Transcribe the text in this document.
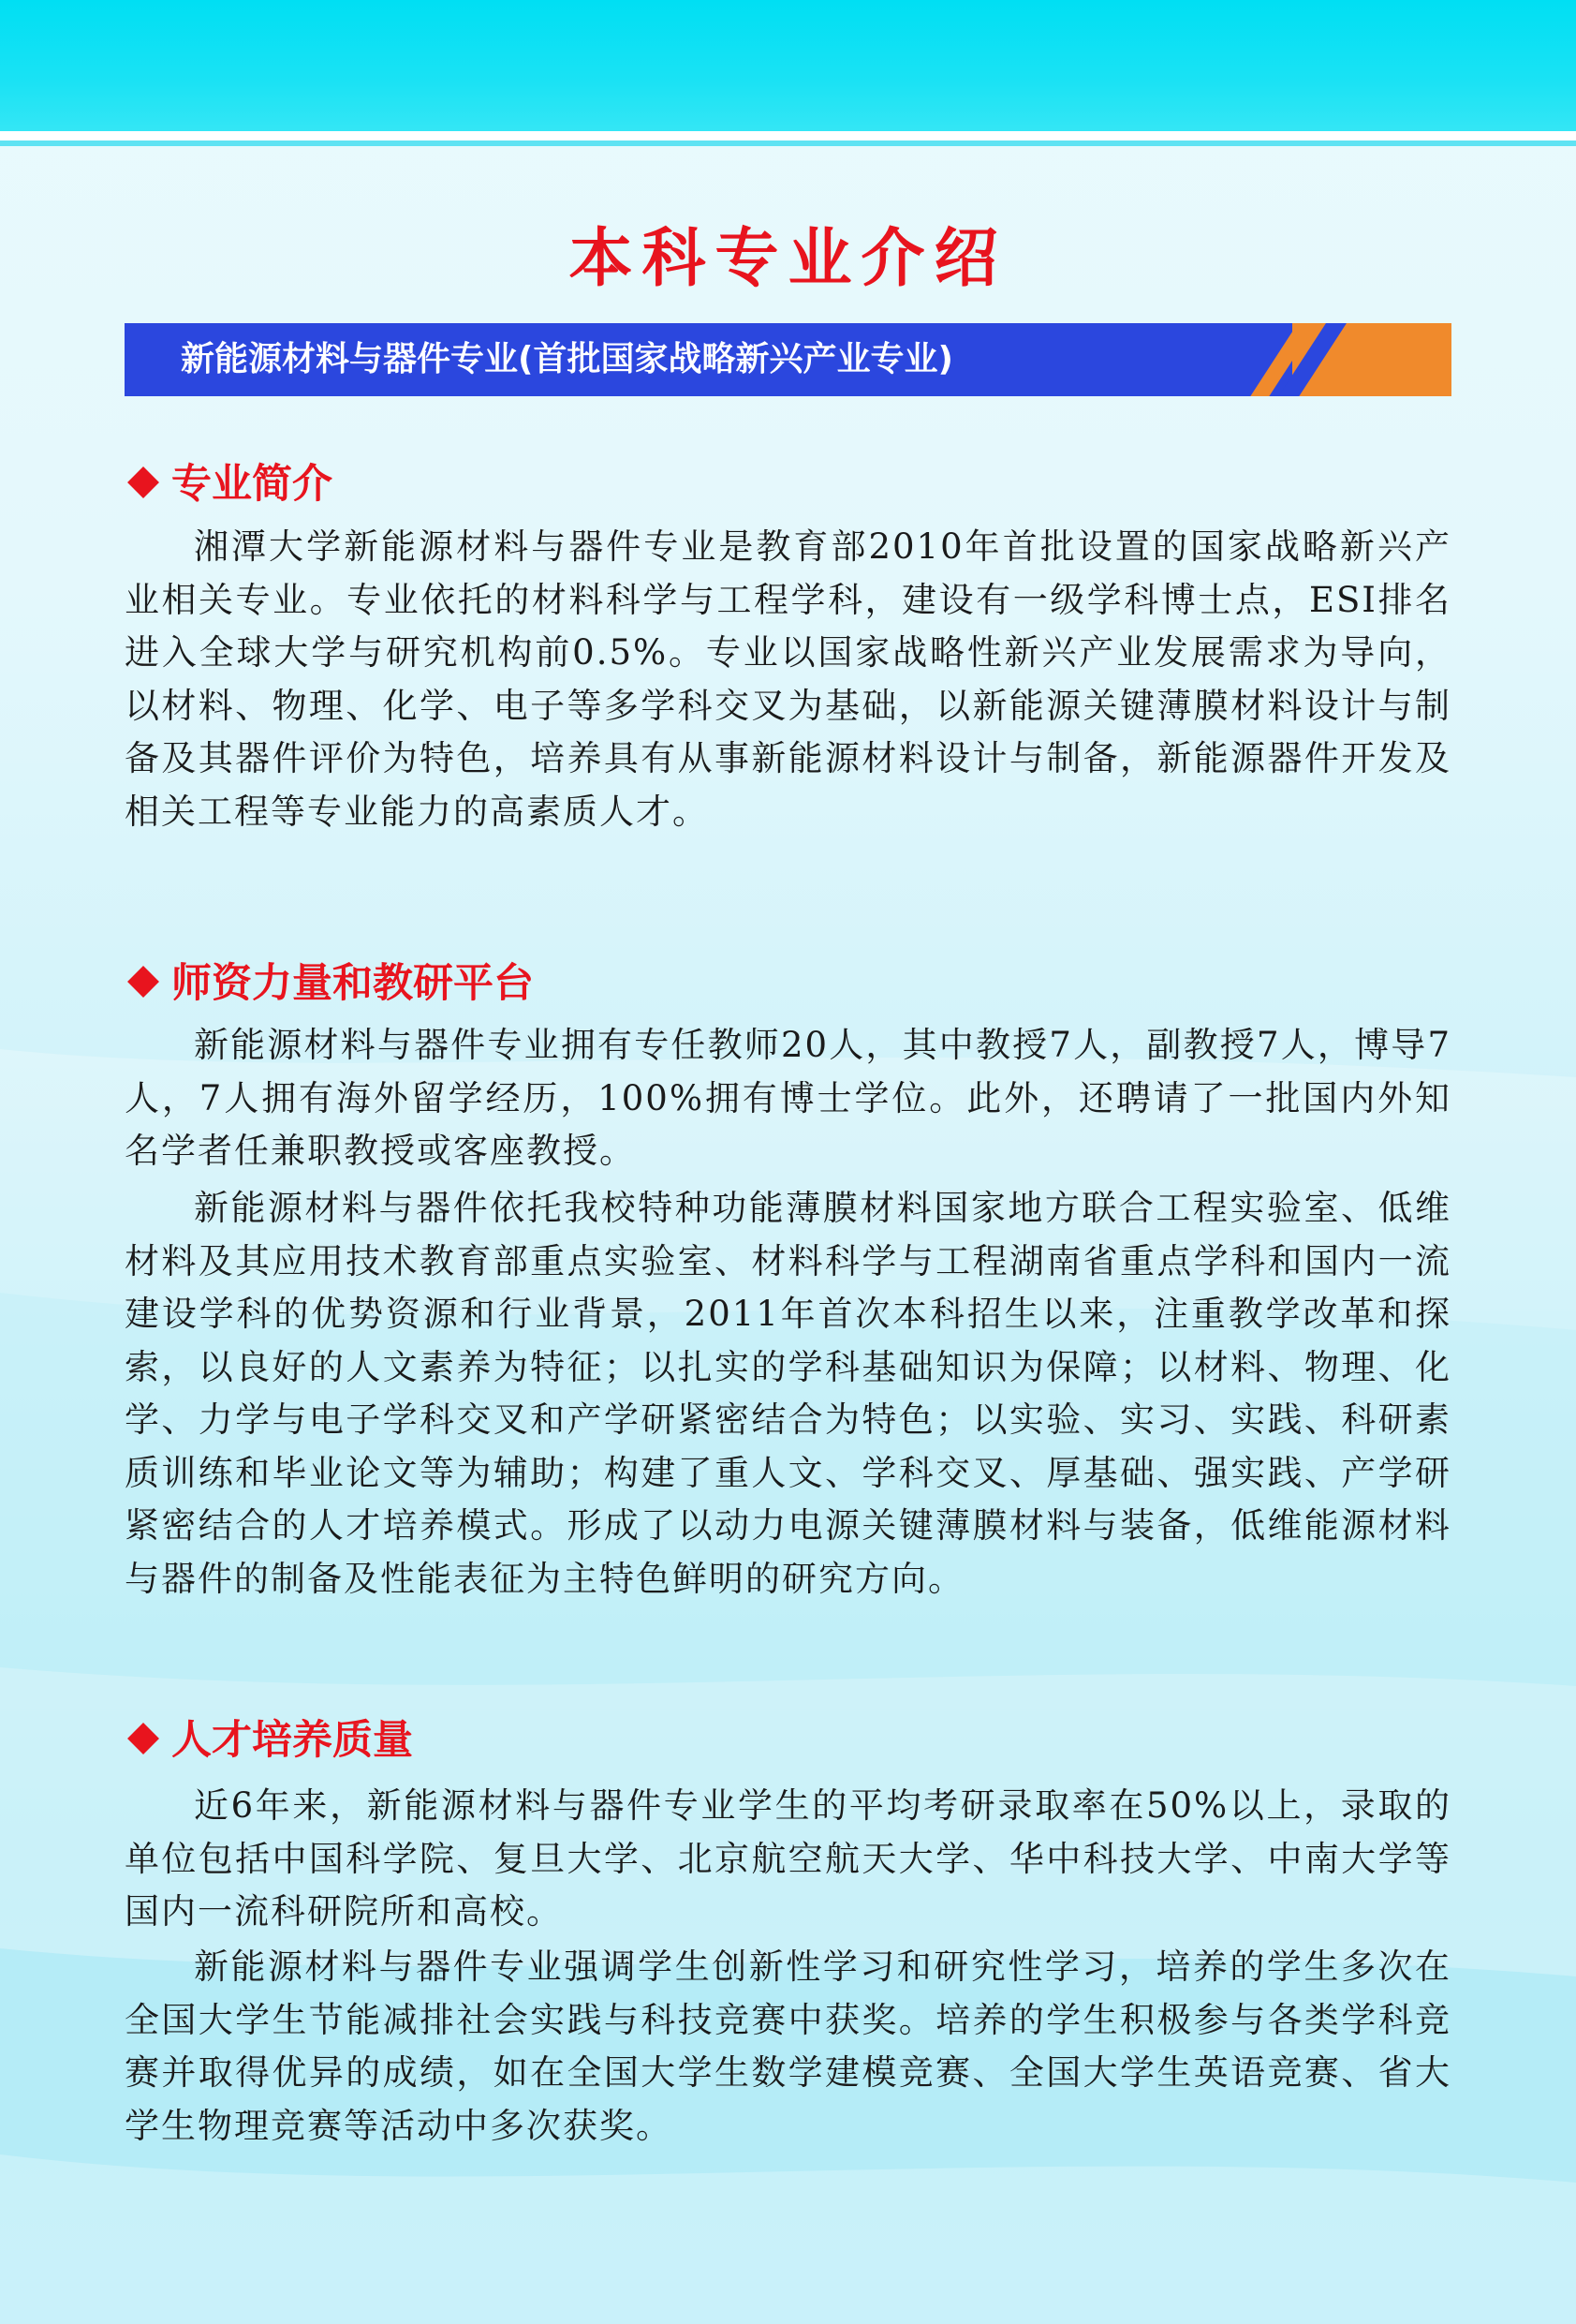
本科专业介绍
新能源材料与器件专业(首批国家战略新兴产业专业)
专业简介

湘潭大学新能源材料与器件专业是教育部2010年首批设置的国家战略新兴产业相关专业。专业依托的材料科学与工程学科，建设有一级学科博士点，ESI排名进入全球大学与研究机构前0.5%。专业以国家战略性新兴产业发展需求为导向，以材料、物理、化学、电子等多学科交叉为基础，以新能源关键薄膜材料设计与制备及其器件评价为特色，培养具有从事新能源材料设计与制备，新能源器件开发及相关工程等专业能力的高素质人才。

师资力量和教研平台

新能源材料与器件专业拥有专任教师20人，其中教授7人，副教授7人，博导7人，7人拥有海外留学经历，100%拥有博士学位。此外，还聘请了一批国内外知名学者任兼职教授或客座教授。

新能源材料与器件依托我校特种功能薄膜材料国家地方联合工程实验室、低维材料及其应用技术教育部重点实验室、材料科学与工程湖南省重点学科和国内一流建设学科的优势资源和行业背景，2011年首次本科招生以来，注重教学改革和探索，以良好的人文素养为特征；以扎实的学科基础知识为保障；以材料、物理、化学、力学与电子学科交叉和产学研紧密结合为特色；以实验、实习、实践、科研素质训练和毕业论文等为辅助；构建了重人文、学科交叉、厚基础、强实践、产学研紧密结合的人才培养模式。形成了以动力电源关键薄膜材料与装备，低维能源材料与器件的制备及性能表征为主特色鲜明的研究方向。

人才培养质量

近6年来，新能源材料与器件专业学生的平均考研录取率在50%以上，录取的单位包括中国科学院、复旦大学、北京航空航天大学、华中科技大学、中南大学等国内一流科研院所和高校。

新能源材料与器件专业强调学生创新性学习和研究性学习，培养的学生多次在全国大学生节能减排社会实践与科技竞赛中获奖。培养的学生积极参与各类学科竞赛并取得优异的成绩，如在全国大学生数学建模竞赛、全国大学生英语竞赛、省大学生物理竞赛等活动中多次获奖。
